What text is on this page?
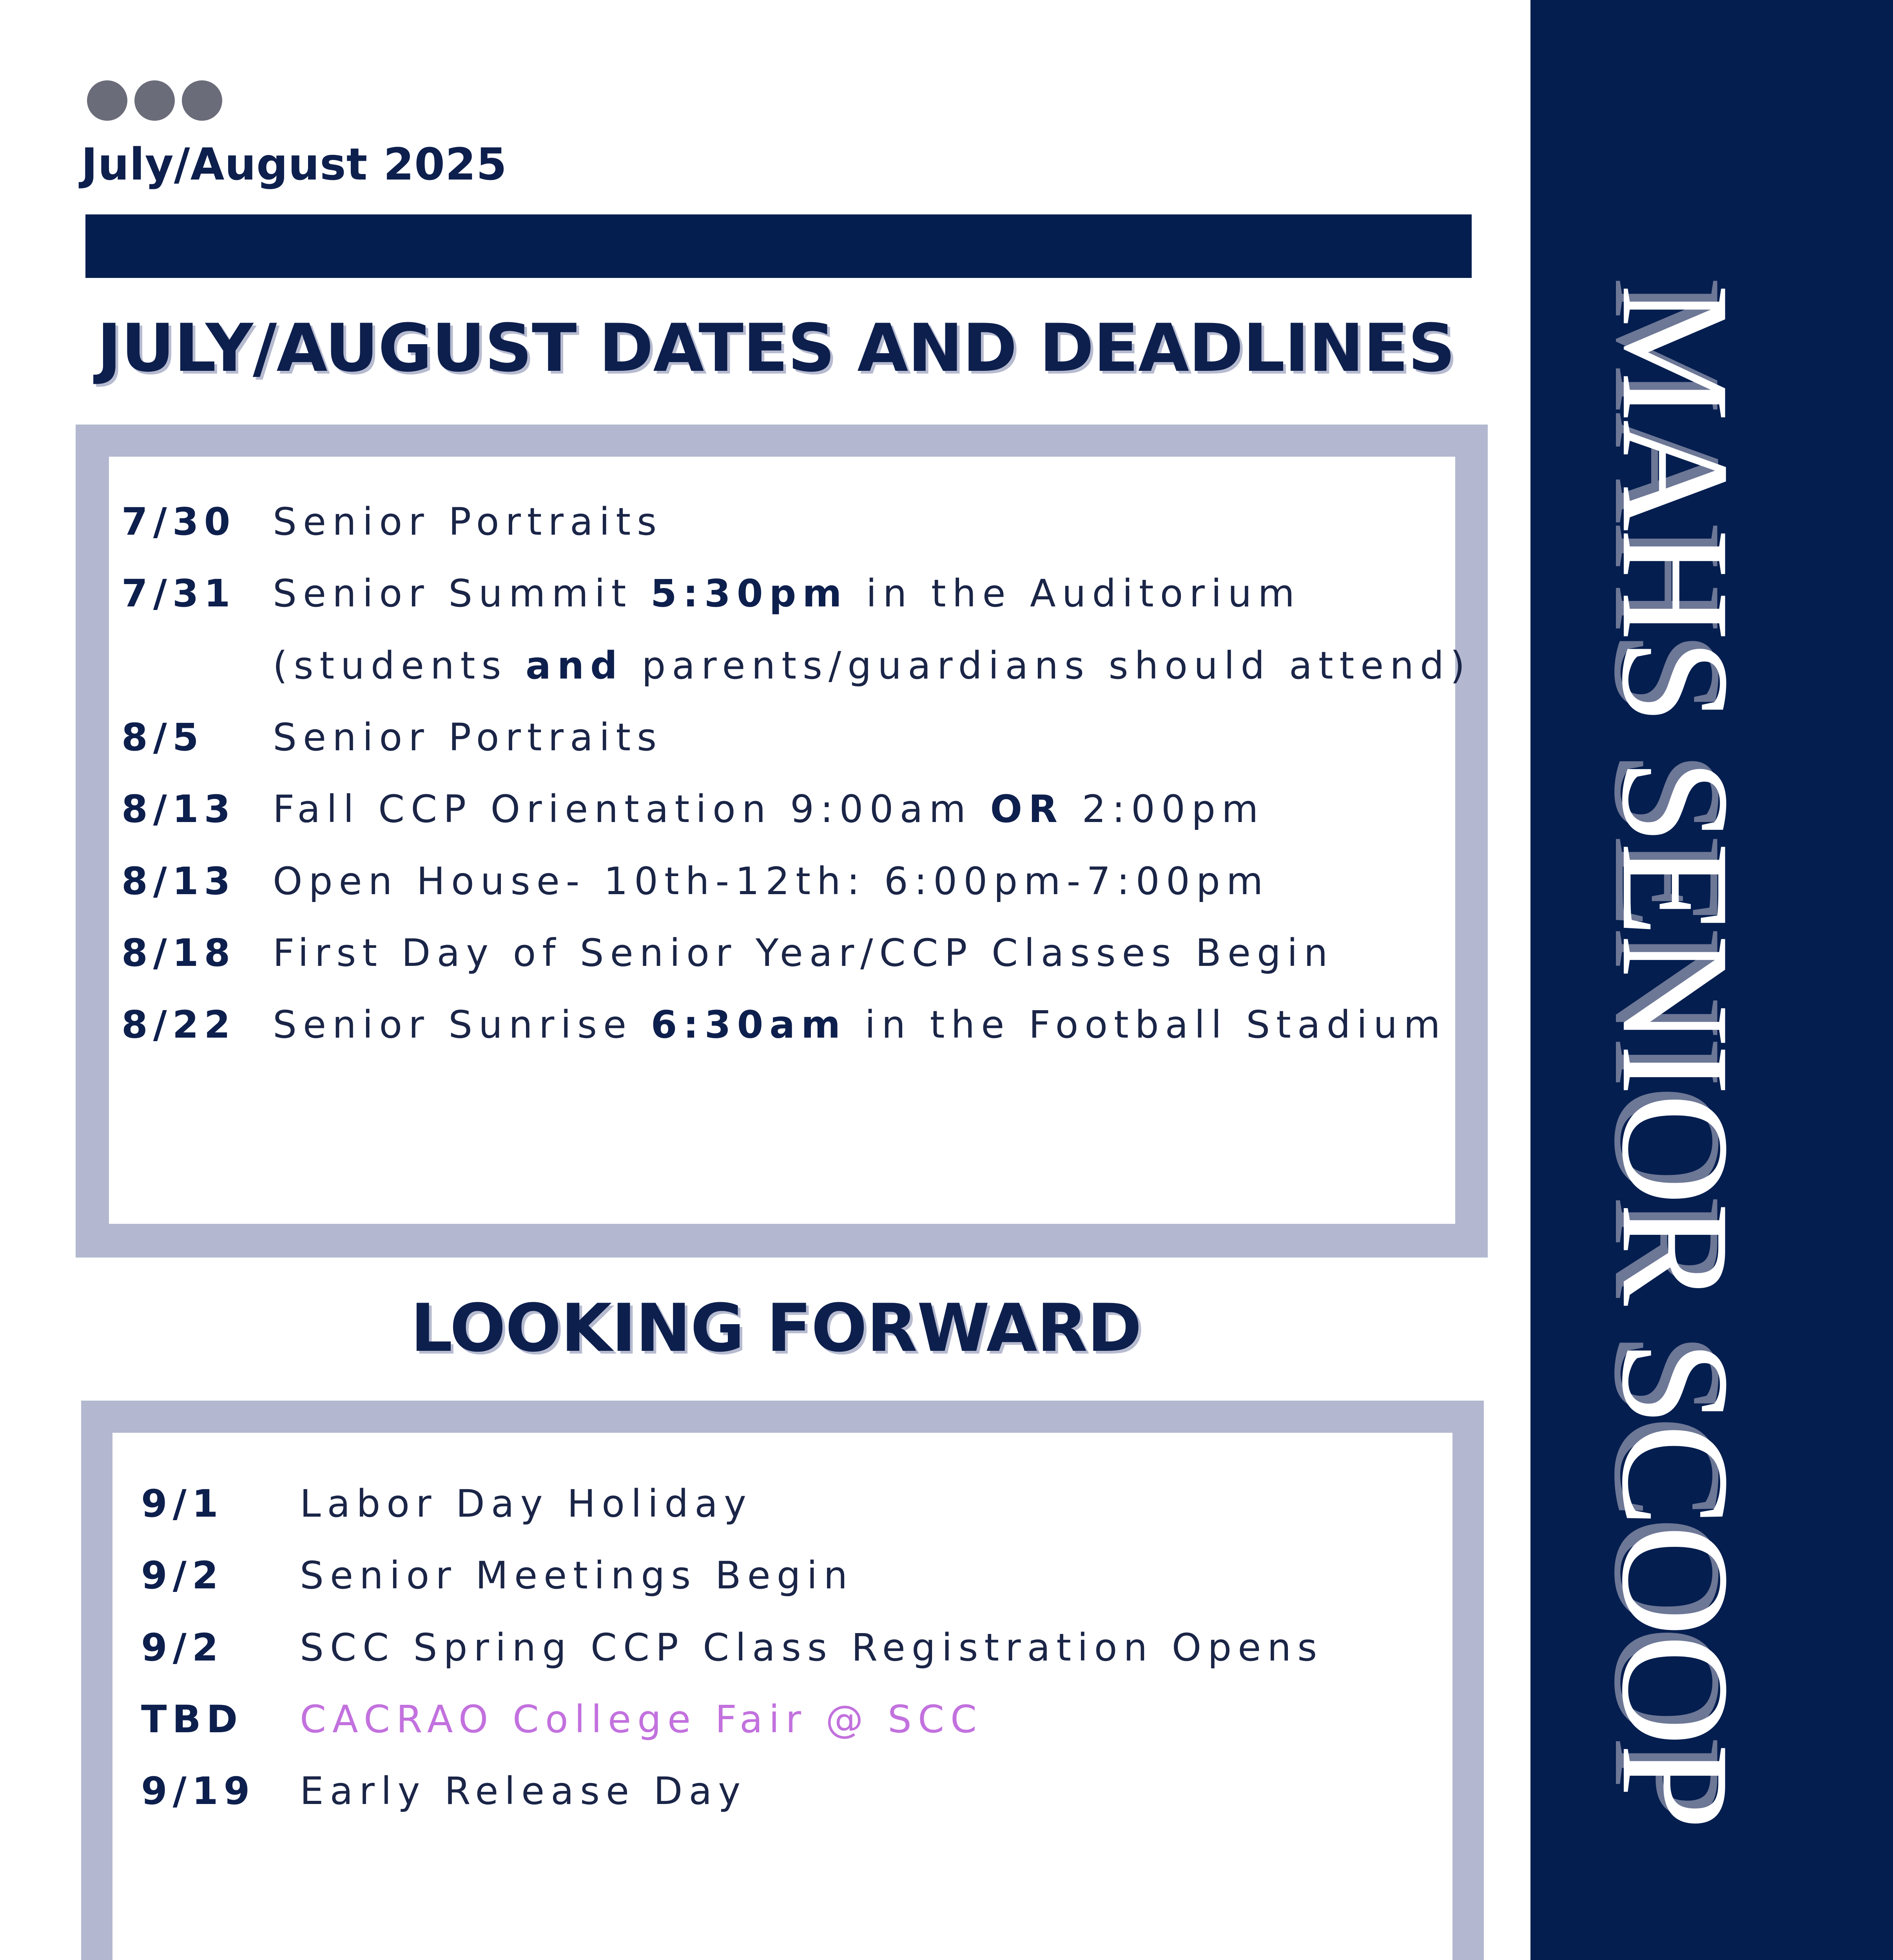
July/August 2025
JULY/AUGUST DATES AND DEADLINES
7/30 Senior Portraits
7/31 Senior Summit 5:30pm in the Auditorium
(students and parents/guardians should attend)
8/5 Senior Portraits
8/13 Fall CCP Orientation 9:00am OR 2:00pm
8/13 Open House- 10th-12th: 6:00pm-7:00pm
8/18 First Day of Senior Year/CCP Classes Begin
8/22 Senior Sunrise 6:30am in the Football Stadium
LOOKING FORWARD
9/1 Labor Day Holiday
9/2 Senior Meetings Begin
9/2 SCC Spring CCP Class Registration Opens
TBD CACRAO College Fair @ SCC
9/19 Early Release Day	MAHS SENIOR SCOOP
